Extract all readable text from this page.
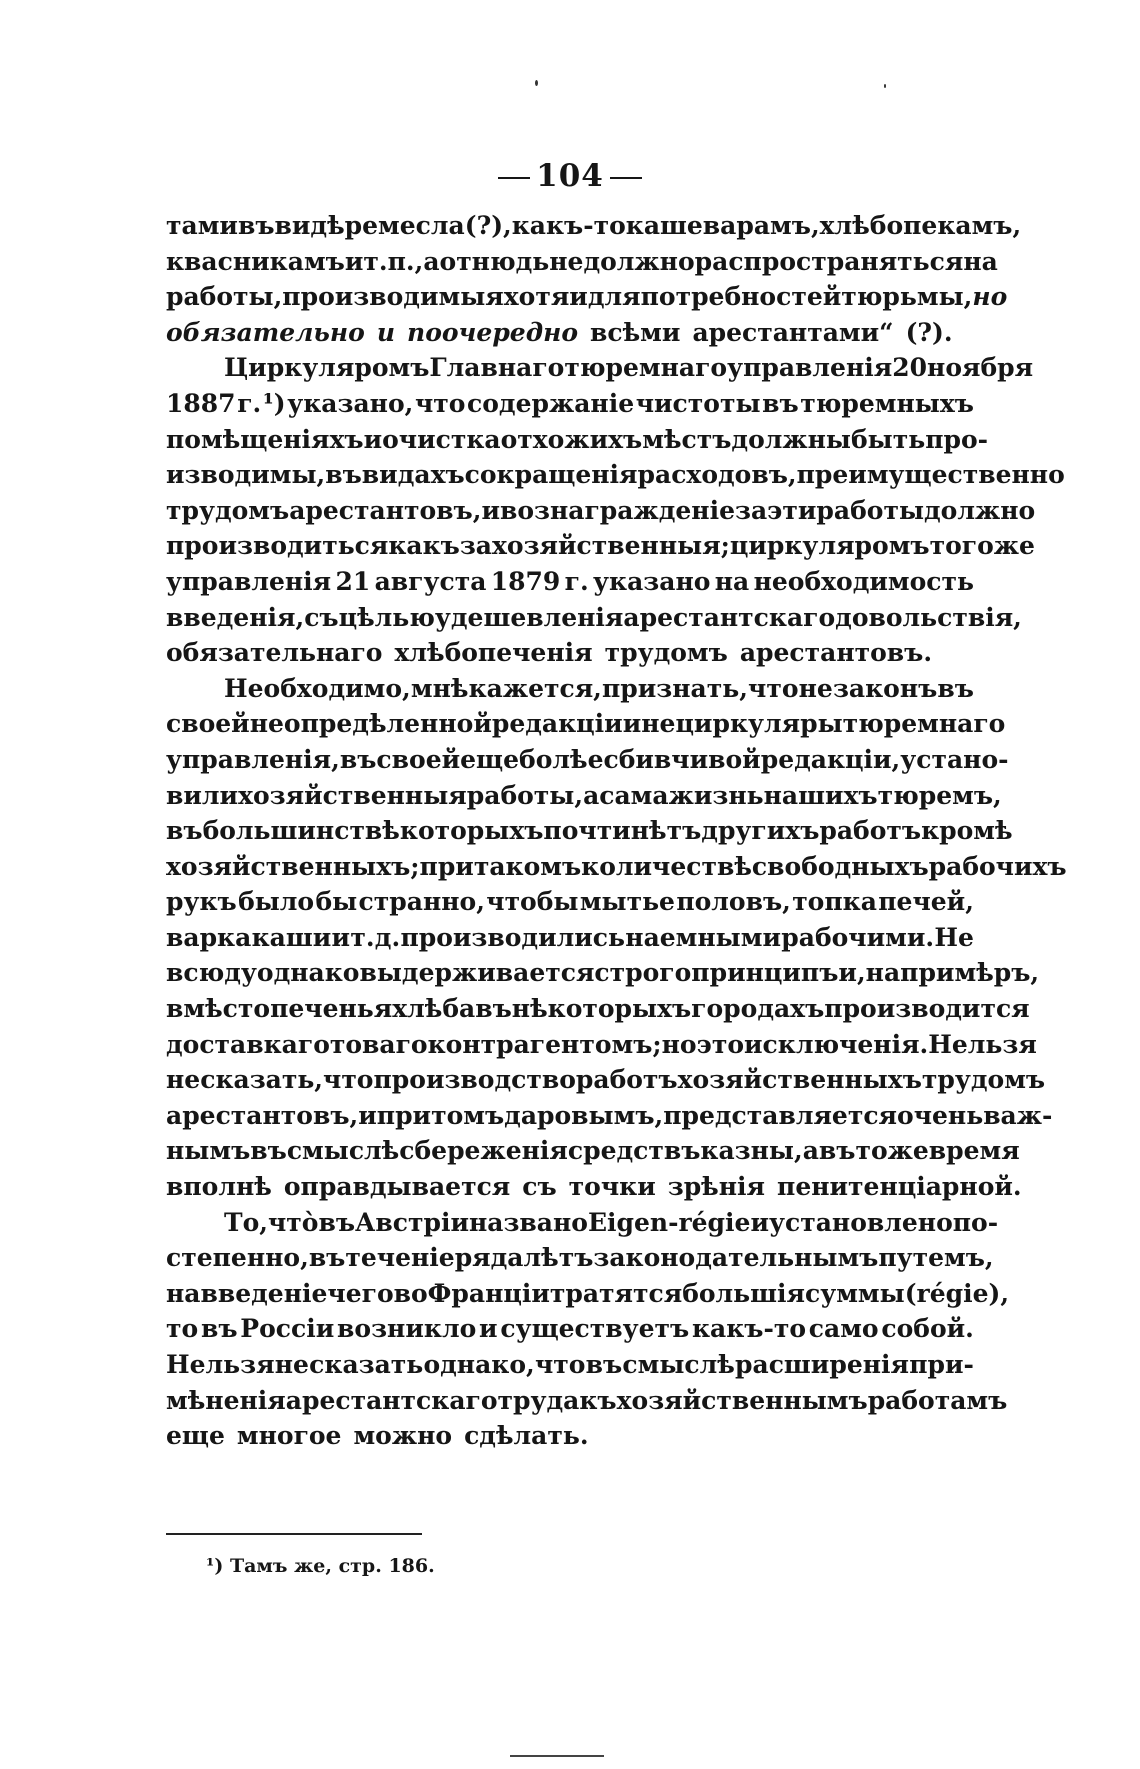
104
тами въ видѣ ремесла (?), какъ-то кашеварамъ, хлѣбопекамъ,
квасникамъ и т. п., а отнюдь не должно распространяться на
работы, производимыя хотя и для потребностей тюрьмы, но
обязательно и поочередно всѣми арестантами“ (?).
Циркуляромъ Главнаго тюремнаго управленія 20 ноября
1887 г. ¹) указано, что содержаніе чистоты въ тюремныхъ
помѣщеніяхъ и очистка отхожихъ мѣстъ должны быть про-
изводимы, въ видахъ сокращенія расходовъ, преимущественно
трудомъ арестантовъ, и вознагражденіе за эти работы должно
производиться какъ за хозяйственныя; циркуляромъ того же
управленія 21 августа 1879 г. указано на необходимость
введенія, съ цѣлью удешевленія арестантскаго довольствія,
обязательнаго хлѣбопеченія трудомъ арестантовъ.
Необходимо, мнѣ кажется, признать, что не законъ въ
своей неопредѣленной редакціи и не циркуляры тюремнаго
управленія, въ своей еще болѣе сбивчивой редакціи, устано-
вили хозяйственныя работы, а сама жизнь нашихъ тюремъ,
въ большинствѣ которыхъ почти нѣтъ другихъ работъ кромѣ
хозяйственныхъ; при такомъ количествѣ свободныхъ рабочихъ
рукъ было бы странно, чтобы мытье половъ, топка печей,
варка каши и т. д. производились наемными рабочими. Не
всюду однако выдерживается строго принципъ и, напримѣръ,
вмѣсто печенья хлѣба въ нѣкоторыхъ городахъ производится
доставка готоваго контрагентомъ; но это исключенія. Нельзя
не сказать, что производство работъ хозяйственныхъ трудомъ
арестантовъ, и притомъ даровымъ, представляется очень важ-
нымъ въ смыслѣ сбереженія средствъ казны, а въ то же время
вполнѣ оправдывается съ точки зрѣнія пенитенціарной.
То, что̀ въ Австріи названо Eigen-régie и установлено по-
степенно, въ теченіе ряда лѣтъ законодательнымъ путемъ,
на введеніе чего во Франціи тратятся большія суммы (régie),
то въ Россіи возникло и существуетъ какъ-то само собой.
Нельзя не сказать однако, что въ смыслѣ расширенія при-
мѣненія арестантскаго труда къ хозяйственнымъ работамъ
еще многое можно сдѣлать.
¹) Тамъ же, стр. 186.
